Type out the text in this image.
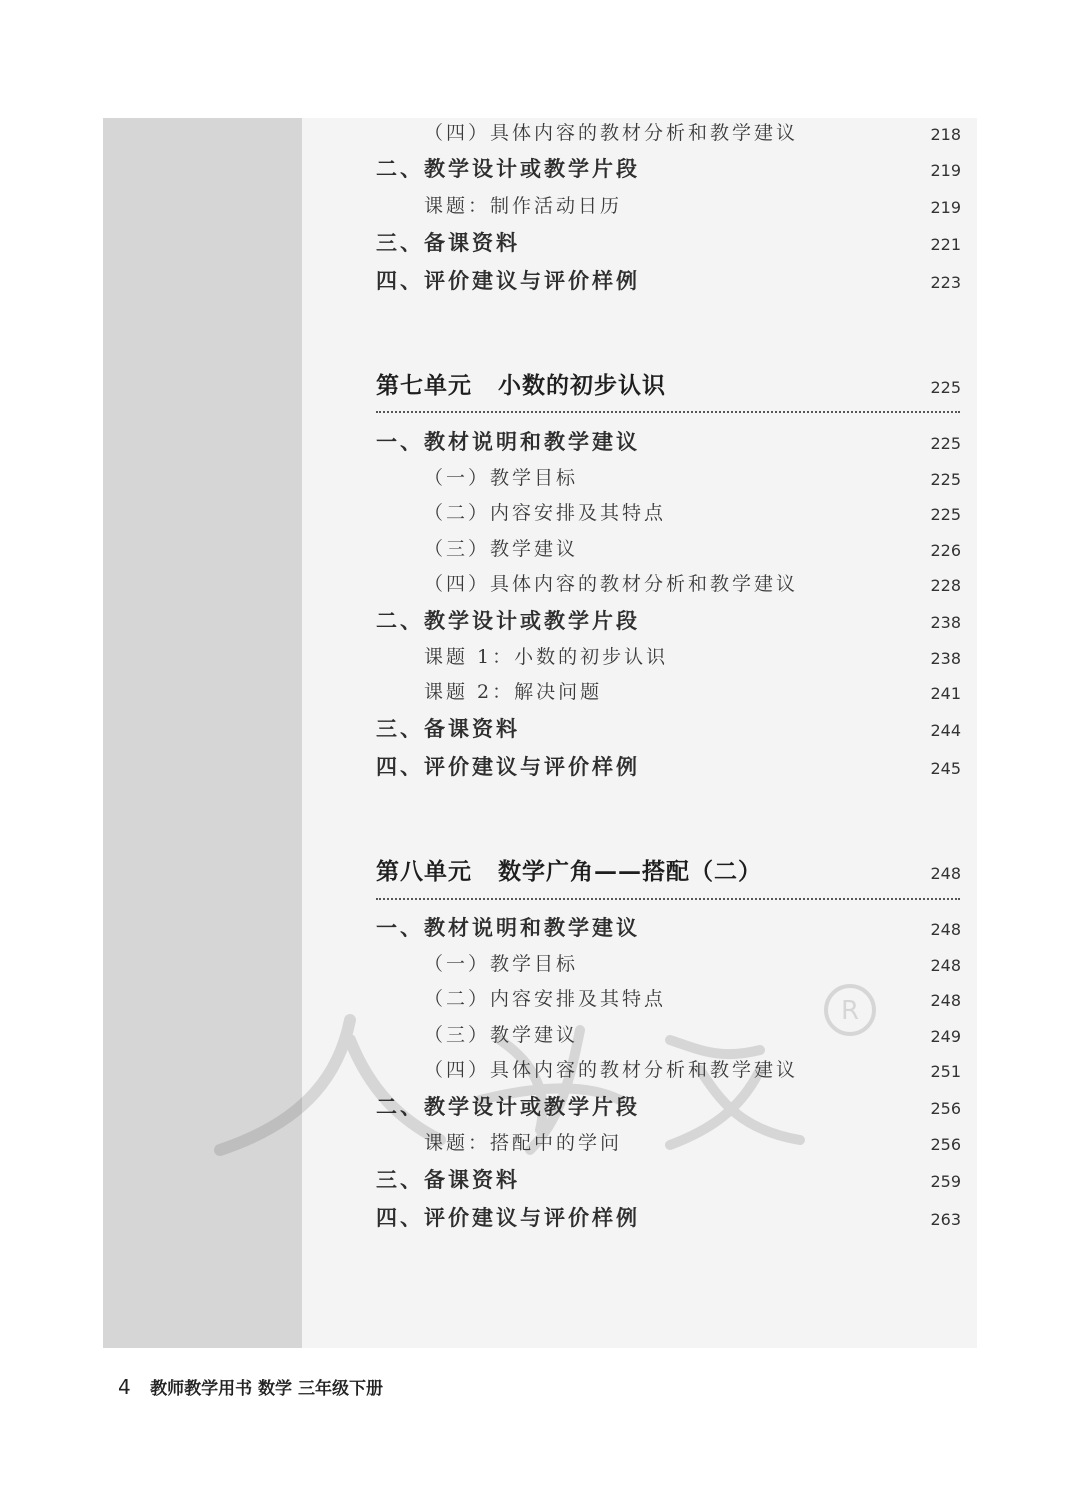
R
（四）具体内容的教材分析和教学建议	218
二、教学设计或教学片段	219
课题：制作活动日历	219
三、备课资料	221
四、评价建议与评价样例	223
第七单元 小数的初步认识	225
一、教材说明和教学建议	225
（一）教学目标	225
（二）内容安排及其特点	225
（三）教学建议	226
（四）具体内容的教材分析和教学建议	228
二、教学设计或教学片段	238
课题 1：小数的初步认识	238
课题 2：解决问题	241
三、备课资料	244
四、评价建议与评价样例	245
第八单元 数学广角——搭配（二）	248
一、教材说明和教学建议	248
（一）教学目标	248
（二）内容安排及其特点	248
（三）教学建议	249
（四）具体内容的教材分析和教学建议	251
二、教学设计或教学片段	256
课题：搭配中的学问	256
三、备课资料	259
四、评价建议与评价样例	263
4 教师教学用书 数学 三年级下册
